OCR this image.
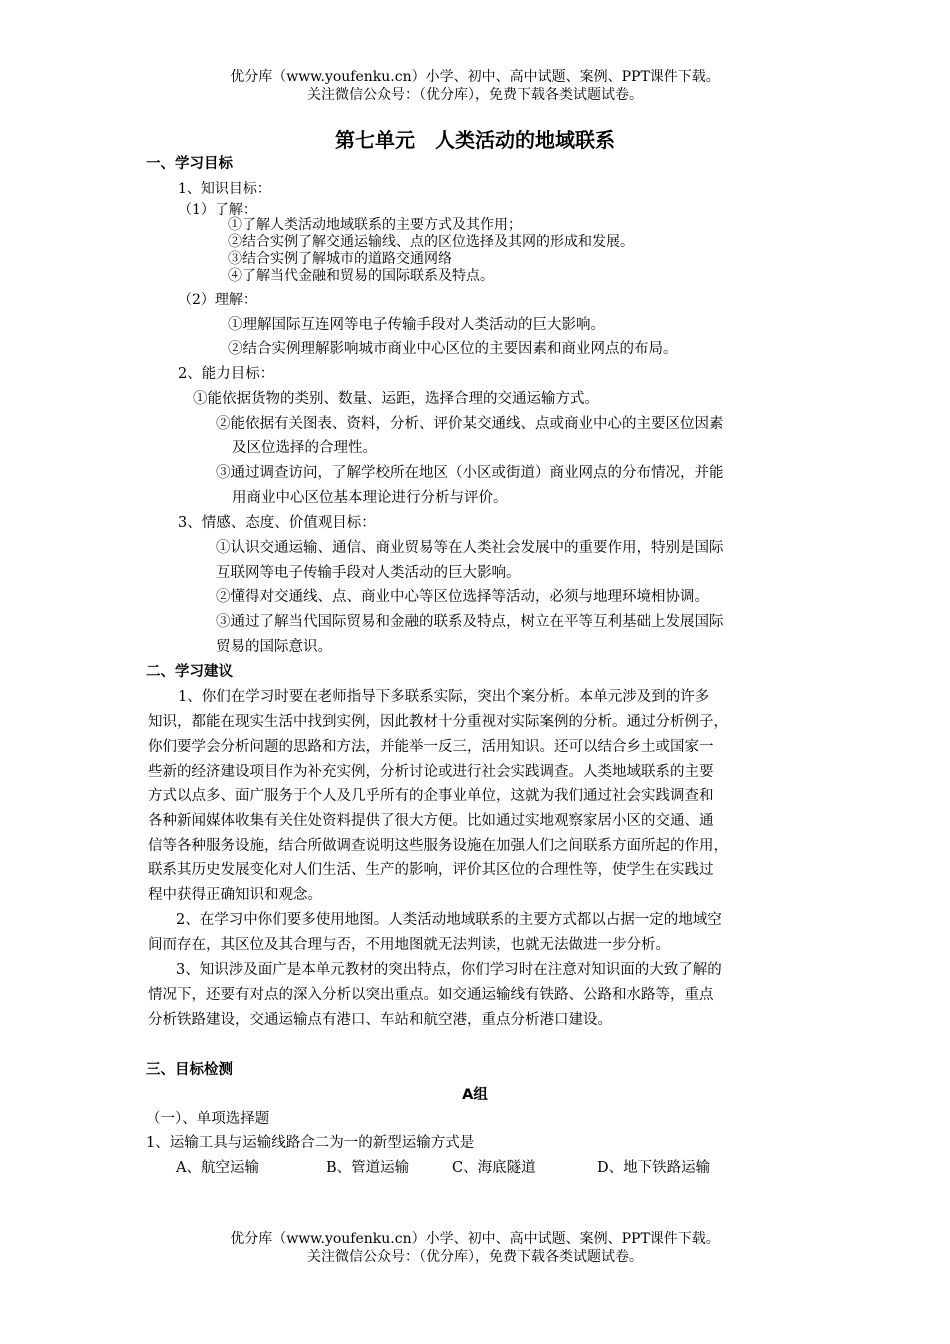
优分库（www.youfenku.cn）小学、初中、高中试题、案例、PPT课件下载。
关注微信公众号：（优分库），免费下载各类试题试卷。
第七单元　人类活动的地域联系
一、学习目标
1、知识目标：
（1）了解：
①了解人类活动地域联系的主要方式及其作用；
②结合实例了解交通运输线、点的区位选择及其网的形成和发展。
③结合实例了解城市的道路交通网络
④了解当代金融和贸易的国际联系及特点。
（2）理解：
①理解国际互连网等电子传输手段对人类活动的巨大影响。
②结合实例理解影响城市商业中心区位的主要因素和商业网点的布局。
2、能力目标：
①能依据货物的类别、数量、运距，选择合理的交通运输方式。
②能依据有关图表、资料，分析、评价某交通线、点或商业中心的主要区位因素
及区位选择的合理性。
③通过调查访问，了解学校所在地区（小区或街道）商业网点的分布情况，并能
用商业中心区位基本理论进行分析与评价。
3、情感、态度、价值观目标：
①认识交通运输、通信、商业贸易等在人类社会发展中的重要作用，特别是国际
互联网等电子传输手段对人类活动的巨大影响。
②懂得对交通线、点、商业中心等区位选择等活动，必须与地理环境相协调。
③通过了解当代国际贸易和金融的联系及特点，树立在平等互利基础上发展国际
贸易的国际意识。
二、学习建议
1、你们在学习时要在老师指导下多联系实际，突出个案分析。本单元涉及到的许多
知识，都能在现实生活中找到实例，因此教材十分重视对实际案例的分析。通过分析例子，
你们要学会分析问题的思路和方法，并能举一反三，活用知识。还可以结合乡土或国家一
些新的经济建设项目作为补充实例，分析讨论或进行社会实践调查。人类地域联系的主要
方式以点多、面广服务于个人及几乎所有的企事业单位，这就为我们通过社会实践调查和
各种新闻媒体收集有关住处资料提供了很大方便。比如通过实地观察家居小区的交通、通
信等各种服务设施，结合所做调查说明这些服务设施在加强人们之间联系方面所起的作用，
联系其历史发展变化对人们生活、生产的影响，评价其区位的合理性等，使学生在实践过
程中获得正确知识和观念。
2、在学习中你们要多使用地图。人类活动地域联系的主要方式都以占据一定的地域空
间而存在，其区位及其合理与否，不用地图就无法判读，也就无法做进一步分析。
3、知识涉及面广是本单元教材的突出特点，你们学习时在注意对知识面的大致了解的
情况下，还要有对点的深入分析以突出重点。如交通运输线有铁路、公路和水路等，重点
分析铁路建设，交通运输点有港口、车站和航空港，重点分析港口建设。
三、目标检测
A组
（一）、单项选择题
1、运输工具与运输线路合二为一的新型运输方式是
A、航空运输	B、管道运输	C、海底隧道	D、地下铁路运输
优分库（www.youfenku.cn）小学、初中、高中试题、案例、PPT课件下载。
关注微信公众号：（优分库），免费下载各类试题试卷。
